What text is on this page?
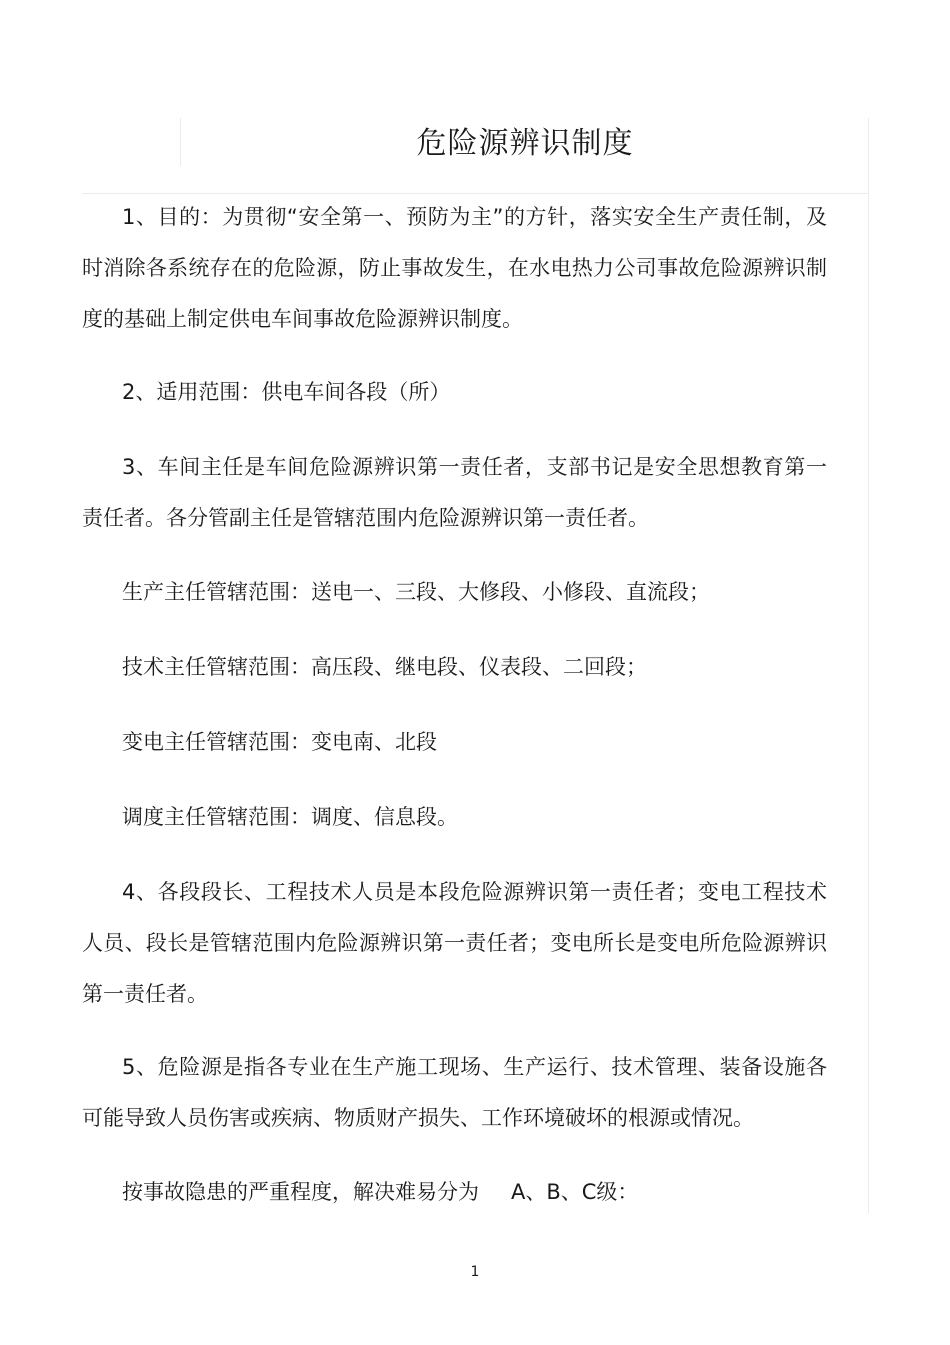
危险源辨识制度

1、目的：为贯彻“安全第一、预防为主”的方针，落实安全生产责任制，及时消除各系统存在的危险源，防止事故发生，在水电热力公司事故危险源辨识制度的基础上制定供电车间事故危险源辨识制度。

2、适用范围：供电车间各段（所）

3、车间主任是车间危险源辨识第一责任者，支部书记是安全思想教育第一责任者。各分管副主任是管辖范围内危险源辨识第一责任者。

生产主任管辖范围：送电一、三段、大修段、小修段、直流段；

技术主任管辖范围：高压段、继电段、仪表段、二回段；

变电主任管辖范围：变电南、北段

调度主任管辖范围：调度、信息段。

4、各段段长、工程技术人员是本段危险源辨识第一责任者；变电工程技术人员、段长是管辖范围内危险源辨识第一责任者；变电所长是变电所危险源辨识第一责任者。

5、危险源是指各专业在生产施工现场、生产运行、技术管理、装备设施各可能导致人员伤害或疾病、物质财产损失、工作环境破坏的根源或情况。

按事故隐患的严重程度，解决难易分为 A、B、C级：

1
